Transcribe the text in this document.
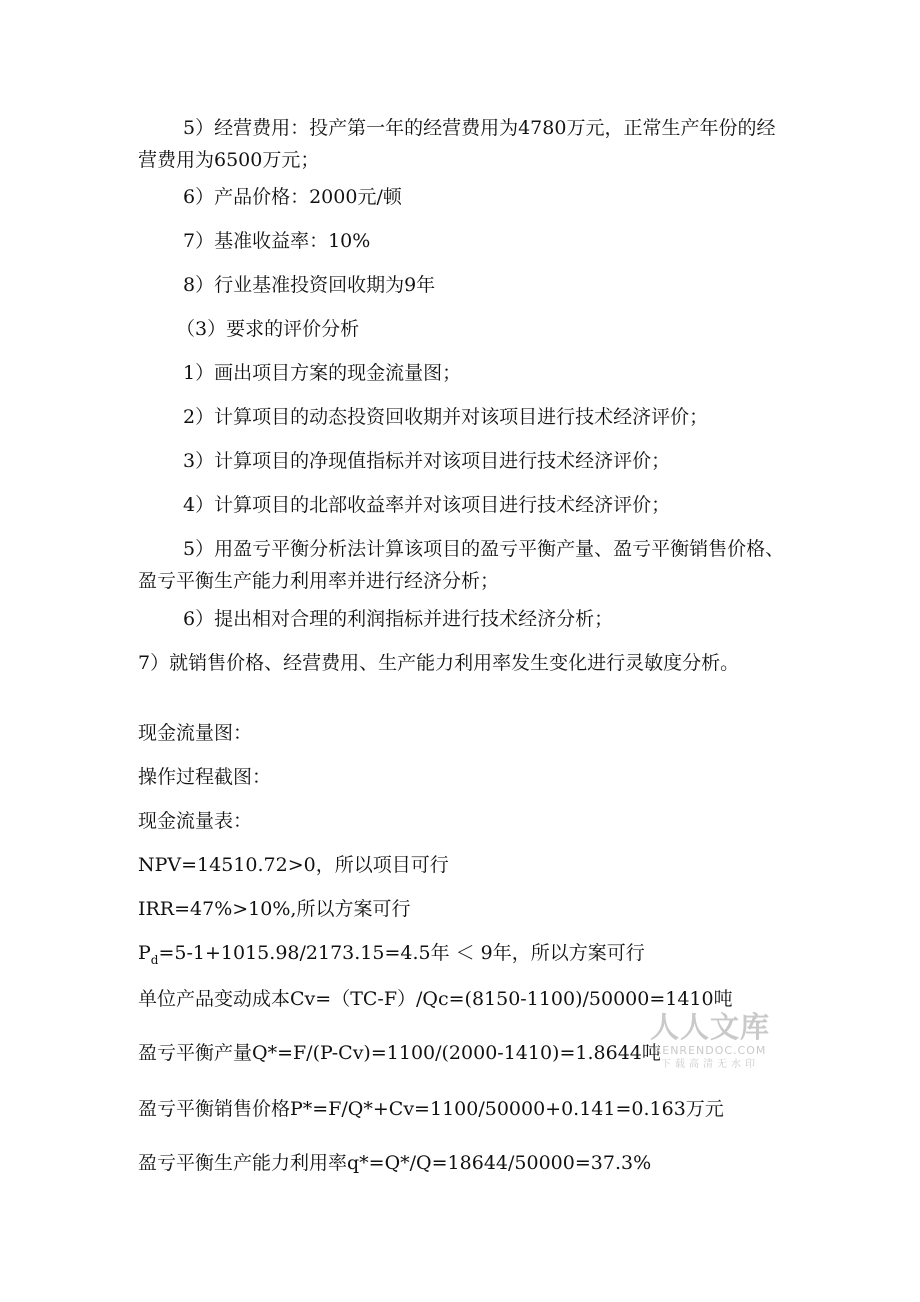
5）经营费用：投产第一年的经营费用为4780万元，正常生产年份的经营费用为6500万元；
6）产品价格：2000元/顿
7）基准收益率：10%
8）行业基准投资回收期为9年
（3）要求的评价分析
1）画出项目方案的现金流量图；
2）计算项目的动态投资回收期并对该项目进行技术经济评价；
3）计算项目的净现值指标并对该项目进行技术经济评价；
4）计算项目的北部收益率并对该项目进行技术经济评价；
5）用盈亏平衡分析法计算该项目的盈亏平衡产量、盈亏平衡销售价格、盈亏平衡生产能力利用率并进行经济分析；
6）提出相对合理的利润指标并进行技术经济分析；
7）就销售价格、经营费用、生产能力利用率发生变化进行灵敏度分析。
现金流量图：
操作过程截图：
现金流量表：
NPV=14510.72>0，所以项目可行
IRR=47%>10%,所以方案可行
$P_d=5-1+1015.98/2173.15=4.5$年 ＜ 9年，所以方案可行
单位产品变动成本Cv=（TC-F）/Qc=(8150-1100)/50000=1410吨
盈亏平衡产量Q*=F/(P-Cv)=1100/(2000-1410)=1.8644吨
盈亏平衡销售价格P*=F/Q*+Cv=1100/50000+0.141=0.163万元
盈亏平衡生产能力利用率q*=Q*/Q=18644/50000=37.3%
人人文库
RENRENDOC.COM
下载高清无水印
